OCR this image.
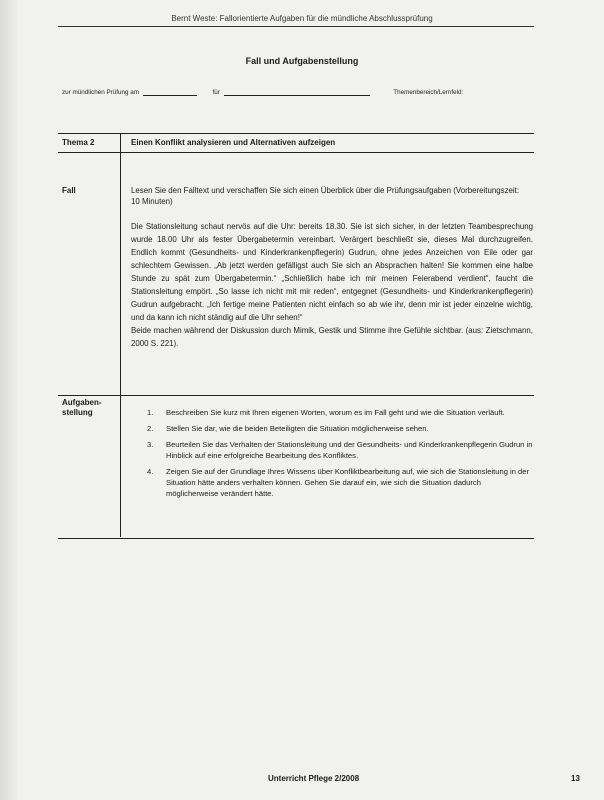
Bernt Weste: Fallorientierte Aufgaben für die mündliche Abschlussprüfung
Fall und Aufgabenstellung
zur mündlichen Prüfung am	für	Themenbereich/Lernfeld:
Thema 2	Einen Konflikt analysieren und Alternativen aufzeigen
Fall	Lesen Sie den Falltext und verschaffen Sie sich einen Überblick über die Prüfungsaufgaben (Vorbereitungszeit: 10 Minuten)

Die Stationsleitung schaut nervös auf die Uhr: bereits 18.30. Sie ist sich sicher, in der letzten Teambesprechung wurde 18.00 Uhr als fester Übergabetermin vereinbart. Verärgert beschließt sie, dieses Mal durchzugreifen. Endlich kommt (Gesundheits- und Kinderkrankenpflegerin) Gudrun, ohne jedes Anzeichen von Eile oder gar schlechtem Gewissen. „Ab jetzt werden gefälligst auch Sie sich an Absprachen halten! Sie kommen eine halbe Stunde zu spät zum Übergabetermin.“ „Schließlich habe ich mir meinen Feierabend verdient“, faucht die Stationsleitung empört. „So lasse ich nicht mit mir reden“, entgegnet (Gesundheits- und Kinderkrankenpflegerin) Gudrun aufgebracht. „Ich fertige meine Patienten nicht einfach so ab wie ihr, denn mir ist jeder einzelne wichtig, und da kann ich nicht ständig auf die Uhr sehen!“

Beide machen während der Diskussion durch Mimik, Gestik und Stimme ihre Gefühle sichtbar. (aus: Zietschmann, 2000 S. 221).

Aufgaben-stellung	1.	Beschreiben Sie kurz mit Ihren eigenen Worten, worum es im Fall geht und wie die Situation verläuft.
2.	Stellen Sie dar, wie die beiden Beteiligten die Situation möglicherweise sehen.
3.	Beurteilen Sie das Verhalten der Stationsleitung und der Gesundheits- und Kinderkrankenpflegerin Gudrun in Hinblick auf eine erfolgreiche Bearbeitung des Konfliktes.
4.	Zeigen Sie auf der Grundlage Ihres Wissens über Konfliktbearbeitung auf, wie sich die Stationsleitung in der Situation hätte anders verhalten können. Gehen Sie darauf ein, wie sich die Situation dadurch möglicherweise verändert hätte.
Unterricht Pflege 2/2008	13
